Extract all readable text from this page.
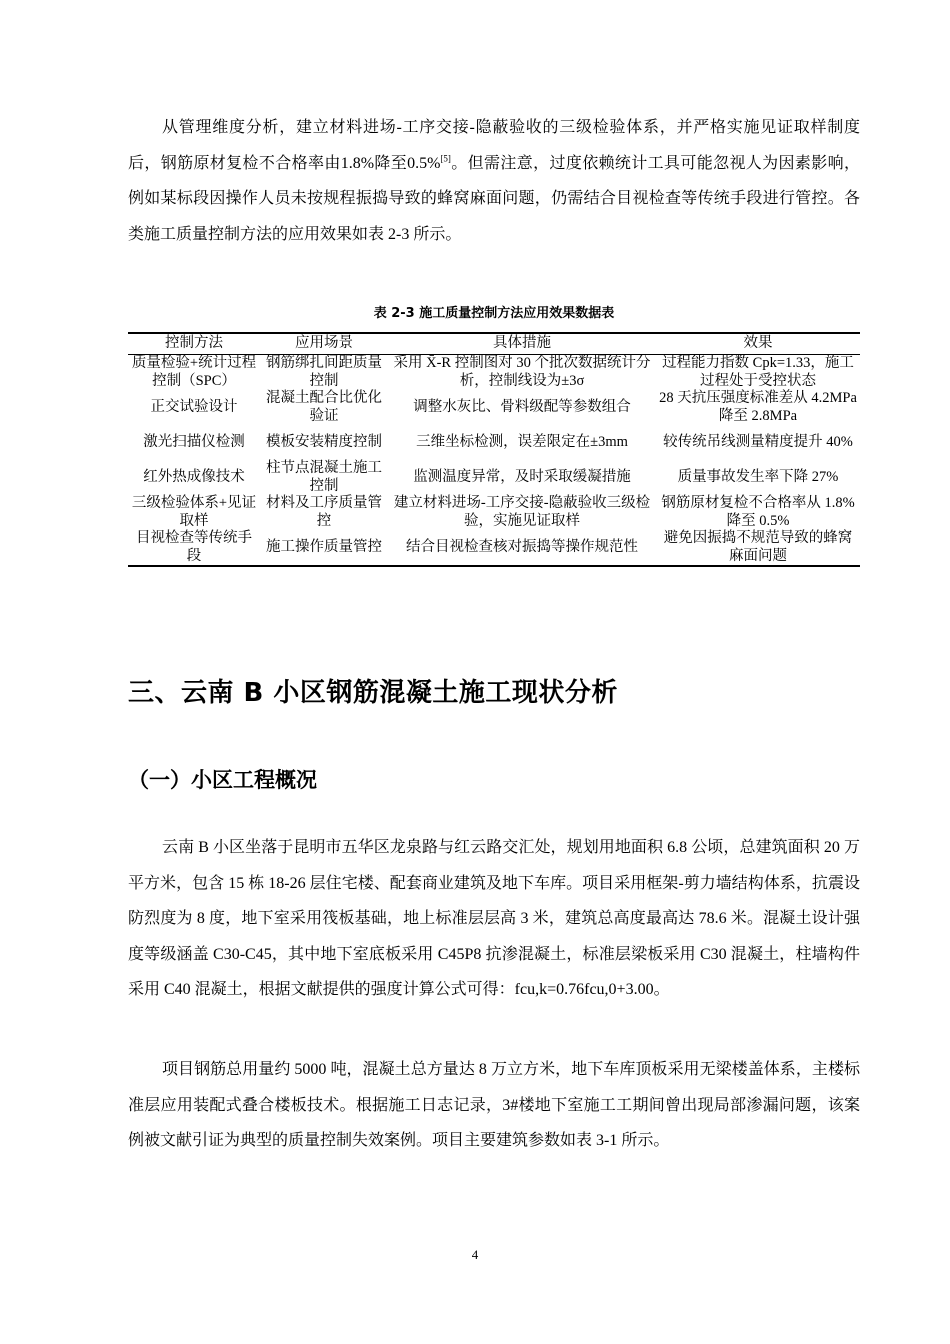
从管理维度分析，建立材料进场-工序交接-隐蔽验收的三级检验体系，并严格实施见证取样制度后，钢筋原材复检不合格率由1.8%降至0.5%[5]。但需注意，过度依赖统计工具可能忽视人为因素影响，例如某标段因操作人员未按规程振捣导致的蜂窝麻面问题，仍需结合目视检查等传统手段进行管控。各类施工质量控制方法的应用效果如表 2-3 所示。

表 2-3 施工质量控制方法应用效果数据表
控制方法	应用场景	具体措施	效果
质量检验+统计过程控制（SPC）	钢筋绑扎间距质量控制	采用 X̄-R 控制图对 30 个批次数据统计分析，控制线设为±3σ	过程能力指数 Cpk=1.33，施工过程处于受控状态
正交试验设计	混凝土配合比优化验证	调整水灰比、骨料级配等参数组合	28 天抗压强度标准差从 4.2MPa 降至 2.8MPa
激光扫描仪检测	模板安装精度控制	三维坐标检测，误差限定在±3mm	较传统吊线测量精度提升 40%
红外热成像技术	柱节点混凝土施工控制	监测温度异常，及时采取缓凝措施	质量事故发生率下降 27%
三级检验体系+见证取样	材料及工序质量管控	建立材料进场-工序交接-隐蔽验收三级检验，实施见证取样	钢筋原材复检不合格率从 1.8%降至 0.5%
目视检查等传统手段	施工操作质量管控	结合目视检查核对振捣等操作规范性	避免因振捣不规范导致的蜂窝麻面问题
三、云南 B 小区钢筋混凝土施工现状分析
（一）小区工程概况

云南 B 小区坐落于昆明市五华区龙泉路与红云路交汇处，规划用地面积 6.8 公顷，总建筑面积 20 万平方米，包含 15 栋 18-26 层住宅楼、配套商业建筑及地下车库。项目采用框架-剪力墙结构体系，抗震设防烈度为 8 度，地下室采用筏板基础，地上标准层层高 3 米，建筑总高度最高达 78.6 米。混凝土设计强度等级涵盖 C30-C45，其中地下室底板采用 C45P8 抗渗混凝土，标准层梁板采用 C30 混凝土，柱墙构件采用 C40 混凝土，根据文献提供的强度计算公式可得：fcu,k=0.76fcu,0+3.00。

项目钢筋总用量约 5000 吨，混凝土总方量达 8 万立方米，地下车库顶板采用无梁楼盖体系，主楼标准层应用装配式叠合楼板技术。根据施工日志记录，3#楼地下室施工工期间曾出现局部渗漏问题，该案例被文献引证为典型的质量控制失效案例。项目主要建筑参数如表 3-1 所示。

4
